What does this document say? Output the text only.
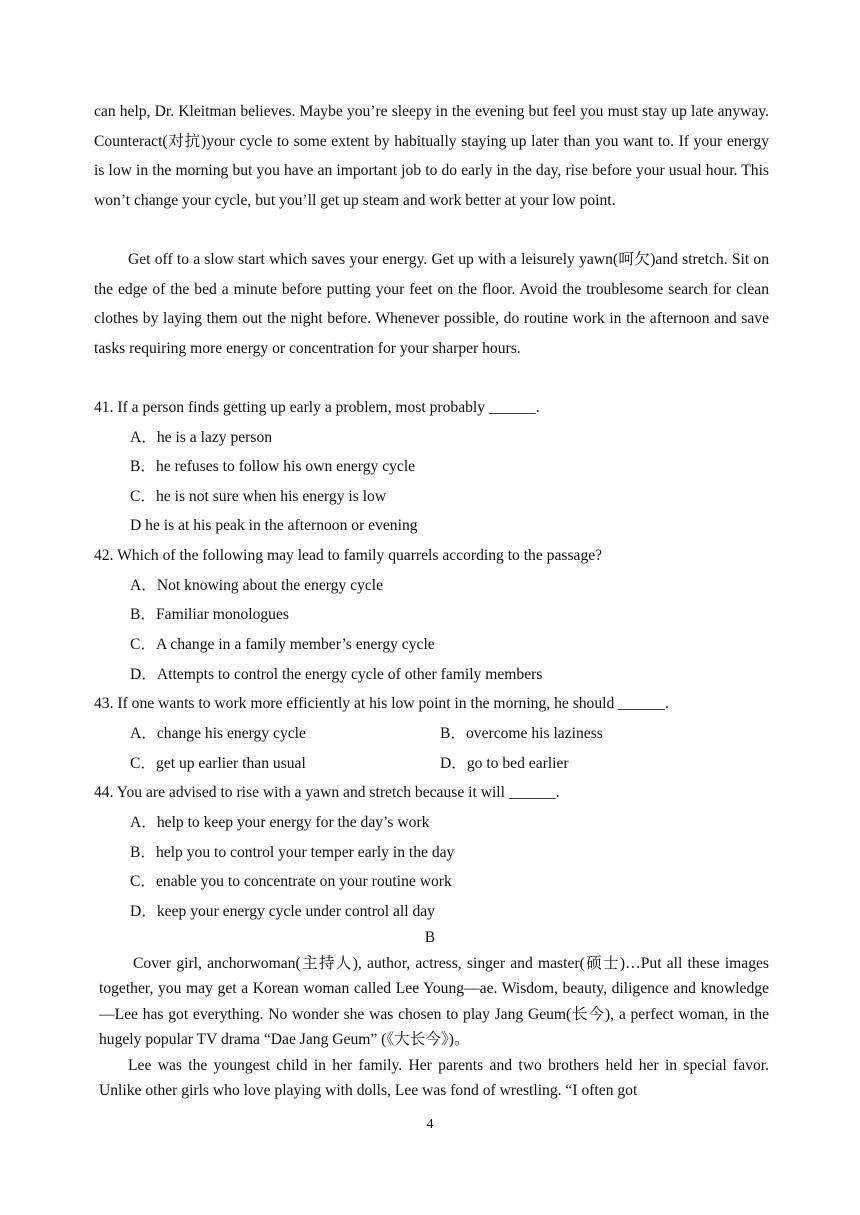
can help, Dr. Kleitman believes. Maybe you’re sleepy in the evening but feel you must stay up late anyway. Counteract(对抗)your cycle to some extent by habitually staying up later than you want to. If your energy is low in the morning but you have an important job to do early in the day, rise before your usual hour. This won’t change your cycle, but you’ll get up steam and work better at your low point.

Get off to a slow start which saves your energy. Get up with a leisurely yawn(呵欠)and stretch. Sit on the edge of the bed a minute before putting your feet on the floor. Avoid the troublesome search for clean clothes by laying them out the night before. Whenever possible, do routine work in the afternoon and save tasks requiring more energy or concentration for your sharper hours.

41. If a person finds getting up early a problem, most probably ______.
A．he is a lazy person
B．he refuses to follow his own energy cycle
C．he is not sure when his energy is low
D he is at his peak in the afternoon or evening
42. Which of the following may lead to family quarrels according to the passage?
A．Not knowing about the energy cycle
B．Familiar monologues
C．A change in a family member’s energy cycle
D．Attempts to control the energy cycle of other family members
43. If one wants to work more efficiently at his low point in the morning, he should ______.
A．change his energy cycle	B．overcome his laziness
C．get up earlier than usual	D．go to bed earlier
44. You are advised to rise with a yawn and stretch because it will ______.
A．help to keep your energy for the day’s work
B．help you to control your temper early in the day
C．enable you to concentrate on your routine work
D．keep your energy cycle under control all day
B

Cover girl, anchorwoman(主持人), author, actress, singer and master(硕士)…Put all these images together, you may get a Korean woman called Lee Young—ae. Wisdom, beauty, diligence and knowledge—Lee has got everything. No wonder she was chosen to play Jang Geum(长今), a perfect woman, in the hugely popular TV drama “Dae Jang Geum” (《大长今》)。

Lee was the youngest child in her family. Her parents and two brothers held her in special favor. Unlike other girls who love playing with dolls, Lee was fond of wrestling. “I often got

4
